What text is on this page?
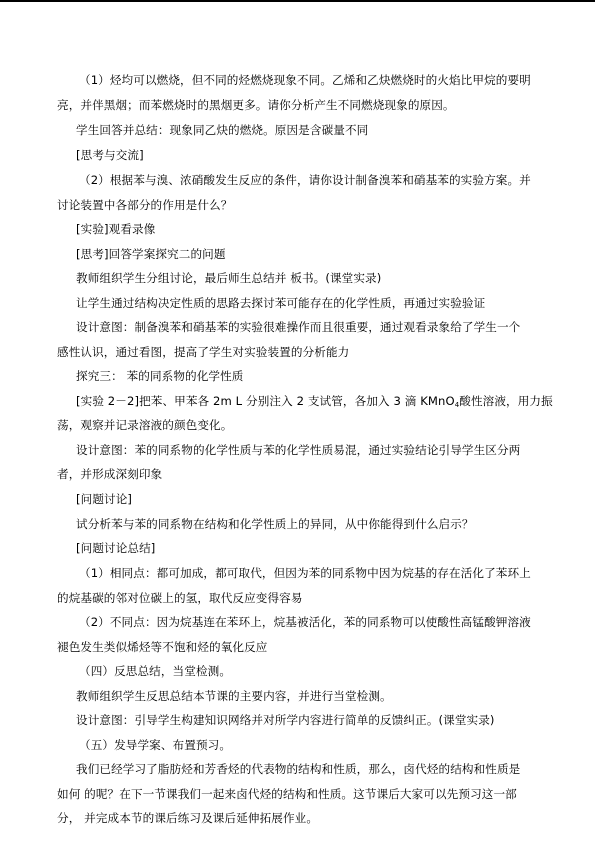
（1）烃均可以燃烧，但不同的烃燃烧现象不同。乙烯和乙炔燃烧时的火焰比甲烷的要明
亮，并伴黑烟；而苯燃烧时的黑烟更多。请你分析产生不同燃烧现象的原因。
学生回答并总结：现象同乙炔的燃烧。原因是含碳量不同
[思考与交流]
（2）根据苯与溴、浓硝酸发生反应的条件，请你设计制备溴苯和硝基苯的实验方案。并
讨论装置中各部分的作用是什么？
[实验]观看录像
[思考]回答学案探究二的问题
教师组织学生分组讨论，最后师生总结并 板书。(课堂实录)
让学生通过结构决定性质的思路去探讨苯可能存在的化学性质，再通过实验验证
设计意图：制备溴苯和硝基苯的实验很难操作而且很重要，通过观看录象给了学生一个
感性认识，通过看图，提高了学生对实验装置的分析能力
探究三： 苯的同系物的化学性质
[实验 2－2]把苯、甲苯各 2m L 分别注入 2 支试管，各加入 3 滴 KMnO$_4$酸性溶液，用力振
荡，观察并记录溶液的颜色变化。
设计意图：苯的同系物的化学性质与苯的化学性质易混，通过实验结论引导学生区分两
者，并形成深刻印象
[问题讨论]
试分析苯与苯的同系物在结构和化学性质上的异同，从中你能得到什么启示？
[问题讨论总结]
（1）相同点：都可加成，都可取代，但因为苯的同系物中因为烷基的存在活化了苯环上
的烷基碳的邻对位碳上的氢，取代反应变得容易
（2）不同点：因为烷基连在苯环上，烷基被活化，苯的同系物可以使酸性高锰酸钾溶液
褪色发生类似烯烃等不饱和烃的氧化反应
（四）反思总结，当堂检测。
教师组织学生反思总结本节课的主要内容，并进行当堂检测。
设计意图：引导学生构建知识网络并对所学内容进行简单的反馈纠正。(课堂实录)
（五）发导学案、布置预习。
我们已经学习了脂肪烃和芳香烃的代表物的结构和性质，那么，卤代烃的结构和性质是
如何 的呢？在下一节课我们一起来卤代烃的结构和性质。这节课后大家可以先预习这一部
分， 并完成本节的课后练习及课后延伸拓展作业。
